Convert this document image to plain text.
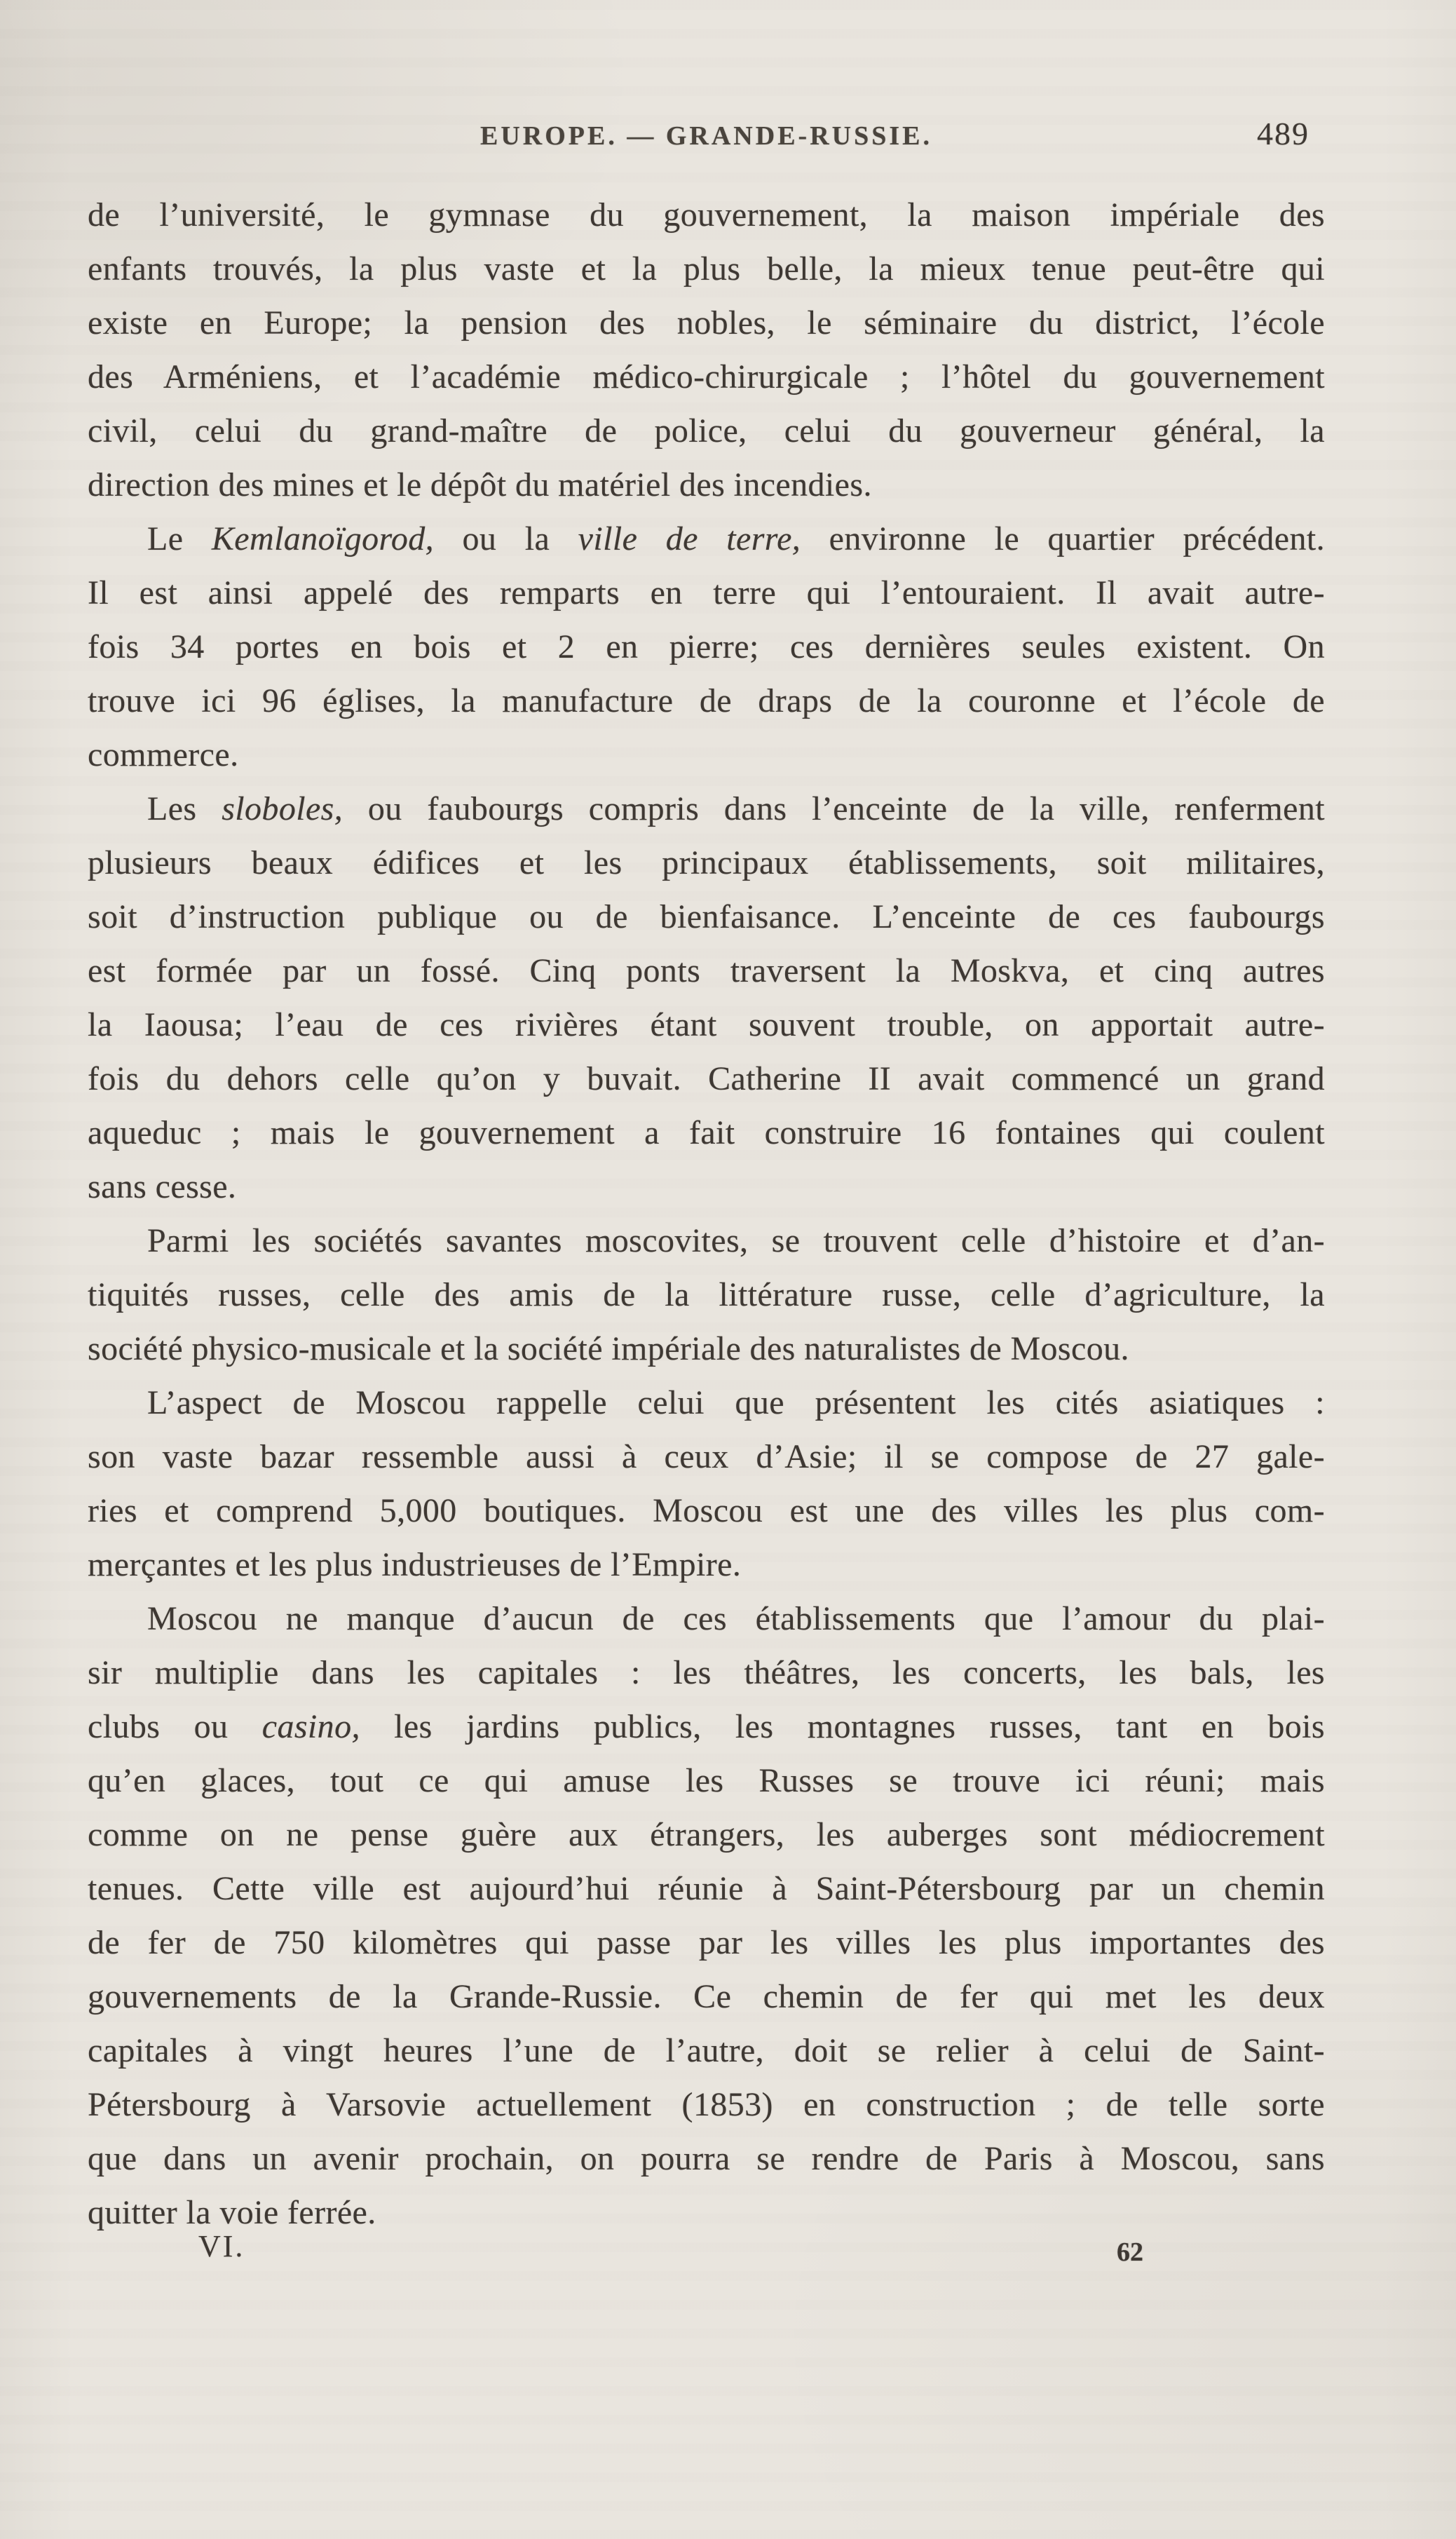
EUROPE. — GRANDE-RUSSIE.	489
de l’université, le gymnase du gouvernement, la maison impériale des
enfants trouvés, la plus vaste et la plus belle, la mieux tenue peut-être qui
existe en Europe; la pension des nobles, le séminaire du district, l’école
des Arméniens, et l’académie médico-chirurgicale ; l’hôtel du gouvernement
civil, celui du grand-maître de police, celui du gouverneur général, la
direction des mines et le dépôt du matériel des incendies.
Le Kemlanoïgorod, ou la ville de terre, environne le quartier précédent.
Il est ainsi appelé des remparts en terre qui l’entouraient. Il avait autre-
fois 34 portes en bois et 2 en pierre; ces dernières seules existent. On
trouve ici 96 églises, la manufacture de draps de la couronne et l’école de
commerce.
Les sloboles, ou faubourgs compris dans l’enceinte de la ville, renferment
plusieurs beaux édifices et les principaux établissements, soit militaires,
soit d’instruction publique ou de bienfaisance. L’enceinte de ces faubourgs
est formée par un fossé. Cinq ponts traversent la Moskva, et cinq autres
la Iaousa; l’eau de ces rivières étant souvent trouble, on apportait autre-
fois du dehors celle qu’on y buvait. Catherine II avait commencé un grand
aqueduc ; mais le gouvernement a fait construire 16 fontaines qui coulent
sans cesse.
Parmi les sociétés savantes moscovites, se trouvent celle d’histoire et d’an-
tiquités russes, celle des amis de la littérature russe, celle d’agriculture, la
société physico-musicale et la société impériale des naturalistes de Moscou.
L’aspect de Moscou rappelle celui que présentent les cités asiatiques :
son vaste bazar ressemble aussi à ceux d’Asie; il se compose de 27 gale-
ries et comprend 5,000 boutiques. Moscou est une des villes les plus com-
merçantes et les plus industrieuses de l’Empire.
Moscou ne manque d’aucun de ces établissements que l’amour du plai-
sir multiplie dans les capitales : les théâtres, les concerts, les bals, les
clubs ou casino, les jardins publics, les montagnes russes, tant en bois
qu’en glaces, tout ce qui amuse les Russes se trouve ici réuni; mais
comme on ne pense guère aux étrangers, les auberges sont médiocrement
tenues. Cette ville est aujourd’hui réunie à Saint-Pétersbourg par un chemin
de fer de 750 kilomètres qui passe par les villes les plus importantes des
gouvernements de la Grande-Russie. Ce chemin de fer qui met les deux
capitales à vingt heures l’une de l’autre, doit se relier à celui de Saint-
Pétersbourg à Varsovie actuellement (1853) en construction ; de telle sorte
que dans un avenir prochain, on pourra se rendre de Paris à Moscou, sans
quitter la voie ferrée.
VI.	62
